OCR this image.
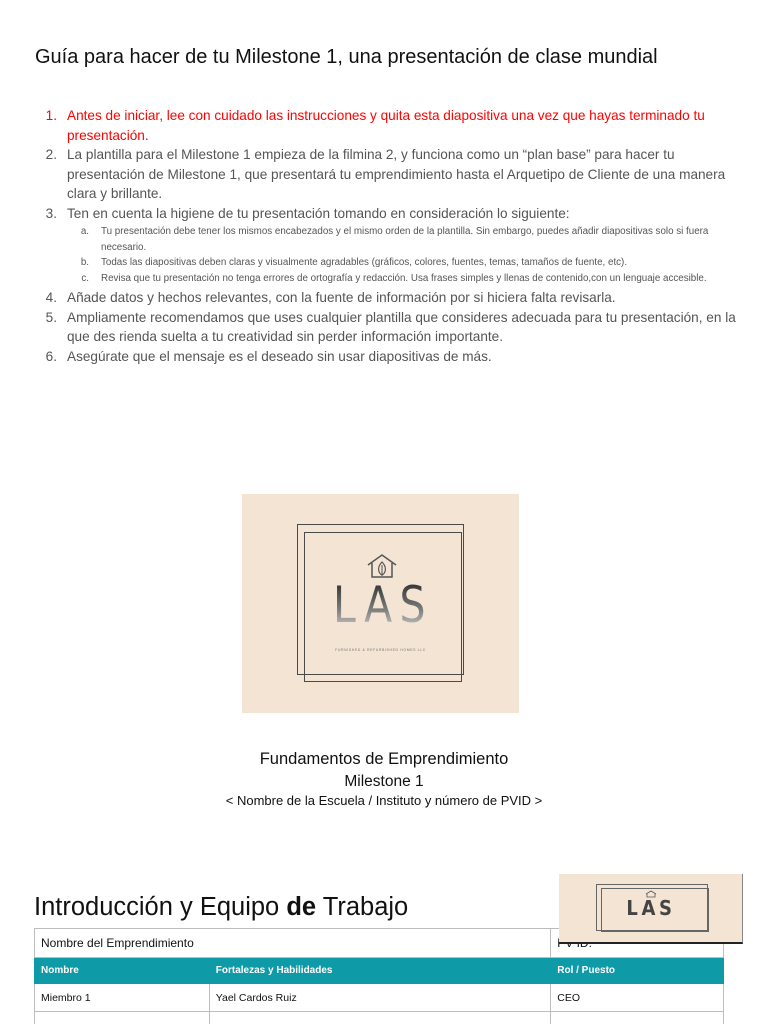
Guía para hacer de tu Milestone 1, una presentación de clase mundial
1. Antes de iniciar, lee con cuidado las instrucciones y quita esta diapositiva una vez que hayas terminado tu presentación.
2. La plantilla para el Milestone 1 empieza de la filmina 2, y funciona como un “plan base” para hacer tu presentación de Milestone 1, que presentará tu emprendimiento hasta el Arquetipo de Cliente de una manera clara y brillante.
3. Ten en cuenta la higiene de tu presentación tomando en consideración lo siguiente:
a.	Tu presentación debe tener los mismos encabezados y el mismo orden de la plantilla. Sin embargo, puedes añadir diapositivas solo si fuera necesario.
b.	Todas las diapositivas deben claras y visualmente agradables (gráficos, colores, fuentes, temas, tamaños de fuente, etc).
c.	Revisa que tu presentación no tenga errores de ortografía y redacción. Usa frases simples y llenas de contenido,con un lenguaje accesible.
4. Añade datos y hechos relevantes, con la fuente de información por si hiciera falta revisarla.
5. Ampliamente recomendamos que uses cualquier plantilla que consideres adecuada para tu presentación, en la que des rienda suelta a tu creatividad sin perder información importante.
6. Asegúrate que el mensaje es el deseado sin usar diapositivas de más.
LAS
FURNISHED & REFURBISHED HOMES LLC
Fundamentos de Emprendimiento
Milestone 1
< Nombre de la Escuela / Instituto y número de PVID >
Introducción y Equipo de Trabajo
Nombre del Emprendimiento	
Nombre	Fortalezas y Habilidades	Rol / Puesto
Miembro 1	Yael Cardos Ruiz	CEO

LAS
